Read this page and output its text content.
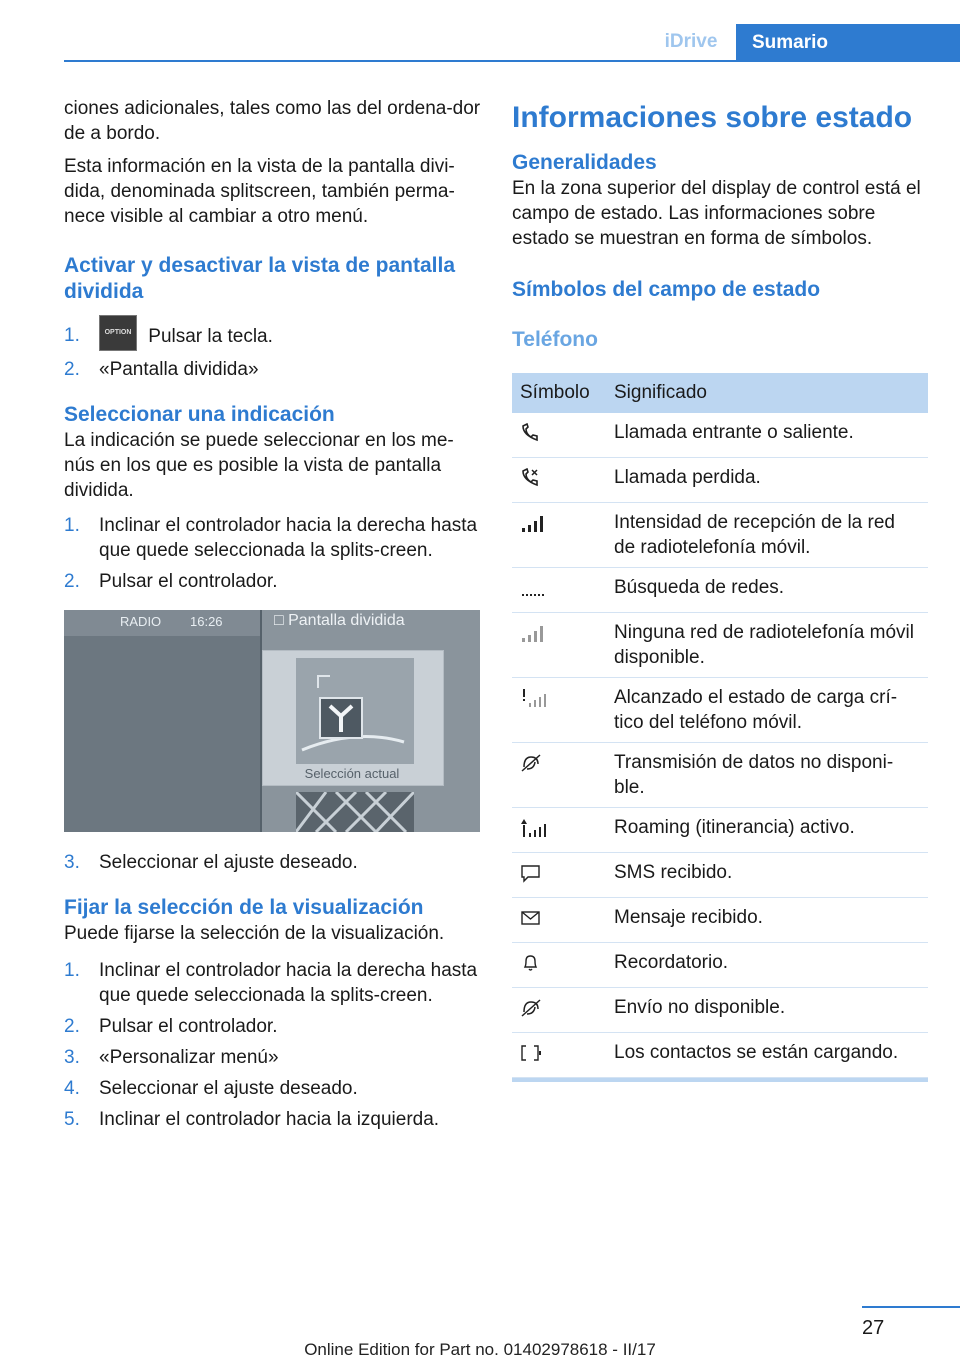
iDrive	Sumario

ciones adicionales, tales como las del ordena-dor de a bordo.

Esta información en la vista de la pantalla divi-dida, denominada splitscreen, también perma-nece visible al cambiar a otro menú.

Activar y desactivar la vista de pantalla dividida
1.	OPTION Pulsar la tecla.
2. «Pantalla dividida»
Seleccionar una indicación

La indicación se puede seleccionar en los me-nús en los que es posible la vista de pantalla dividida.

1. Inclinar el controlador hacia la derecha hasta que quede seleccionada la splits-creen.
2. Pulsar el controlador.
RADIO 16:26	□ Pantalla dividida
Selección actual
3. Seleccionar el ajuste deseado.
Fijar la selección de la visualización

Puede fijarse la selección de la visualización.

1. Inclinar el controlador hacia la derecha hasta que quede seleccionada la splits-creen.
2. Pulsar el controlador.
3. «Personalizar menú»
4. Seleccionar el ajuste deseado.
5. Inclinar el controlador hacia la izquierda.
Informaciones sobre estado
Generalidades

En la zona superior del display de control está el campo de estado. Las informaciones sobre estado se muestran en forma de símbolos.

Símbolos del campo de estado
Teléfono
Símbolo	Significado
	Llamada entrante o saliente.
	Llamada perdida.
	Intensidad de recepción de la red de radiotelefonía móvil.
	Búsqueda de redes.
	Ninguna red de radiotelefonía móvil disponible.
	Alcanzado el estado de carga crí-tico del teléfono móvil.
	Transmisión de datos no disponi-ble.
	Roaming (itinerancia) activo.
	SMS recibido.
	Mensaje recibido.
	Recordatorio.
	Envío no disponible.
	Los contactos se están cargando.
27
Online Edition for Part no. 01402978618 - II/17
